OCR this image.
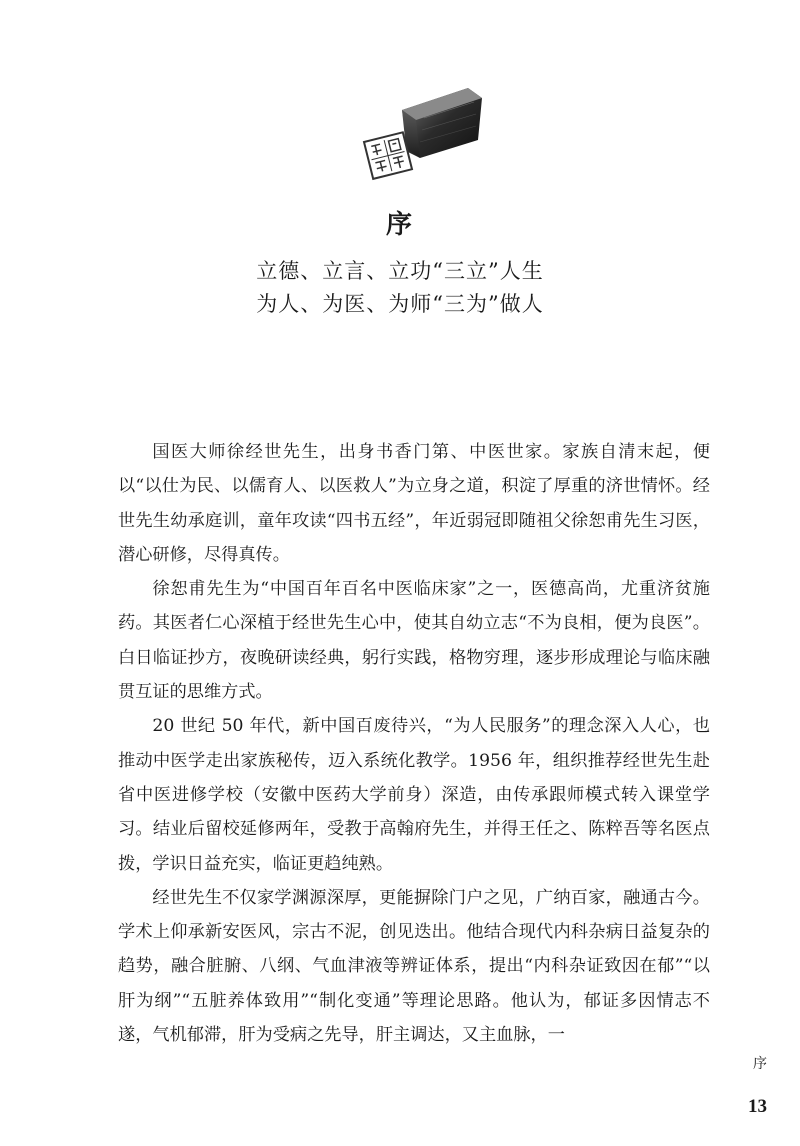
序
立德、立言、立功“三立”人生
为人、为医、为师“三为”做人

国医大师徐经世先生，出身书香门第、中医世家。家族自清末起，便以“以仕为民、以儒育人、以医救人”为立身之道，积淀了厚重的济世情怀。经世先生幼承庭训，童年攻读“四书五经”，年近弱冠即随祖父徐恕甫先生习医，潜心研修，尽得真传。

徐恕甫先生为“中国百年百名中医临床家”之一，医德高尚，尤重济贫施药。其医者仁心深植于经世先生心中，使其自幼立志“不为良相，便为良医”。白日临证抄方，夜晚研读经典，躬行实践，格物穷理，逐步形成理论与临床融贯互证的思维方式。

20 世纪 50 年代，新中国百废待兴，“为人民服务”的理念深入人心，也推动中医学走出家族秘传，迈入系统化教学。1956 年，组织推荐经世先生赴省中医进修学校（安徽中医药大学前身）深造，由传承跟师模式转入课堂学习。结业后留校延修两年，受教于高翰府先生，并得王任之、陈粹吾等名医点拨，学识日益充实，临证更趋纯熟。

经世先生不仅家学渊源深厚，更能摒除门户之见，广纳百家，融通古今。学术上仰承新安医风，宗古不泥，创见迭出。他结合现代内科杂病日益复杂的趋势，融合脏腑、八纲、气血津液等辨证体系，提出“内科杂证致因在郁”“以肝为纲”“五脏养体致用”“制化变通”等理论思路。他认为，郁证多因情志不遂，气机郁滞，肝为受病之先导，肝主调达，又主血脉，一

序
13
